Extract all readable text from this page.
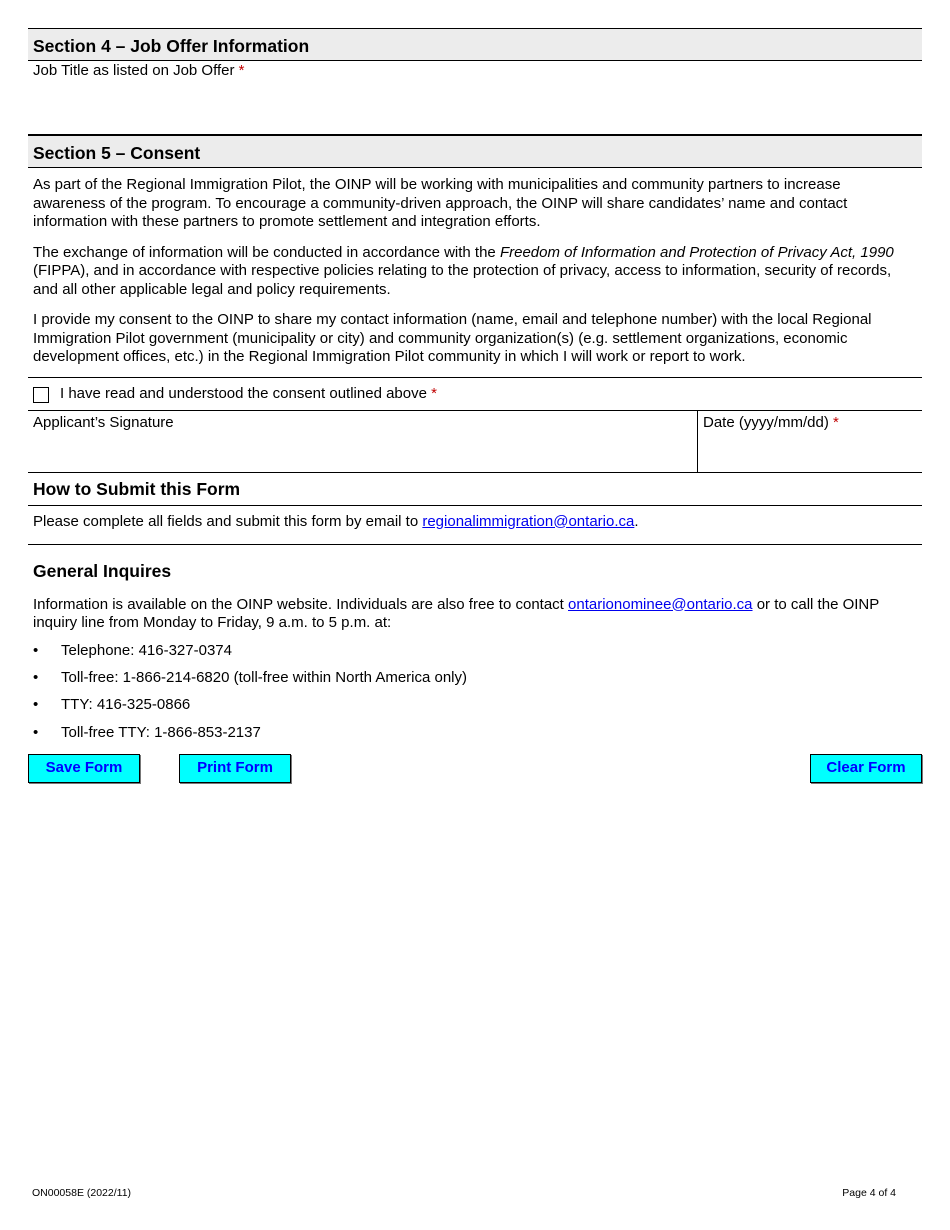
Section 4 – Job Offer Information
Job Title as listed on Job Offer *
Section 5 – Consent

As part of the Regional Immigration Pilot, the OINP will be working with municipalities and community partners to increase awareness of the program. To encourage a community-driven approach, the OINP will share candidates’ name and contact information with these partners to promote settlement and integration efforts.

The exchange of information will be conducted in accordance with the Freedom of Information and Protection of Privacy Act, 1990 (FIPPA), and in accordance with respective policies relating to the protection of privacy, access to information, security of records, and all other applicable legal and policy requirements.

I provide my consent to the OINP to share my contact information (name, email and telephone number) with the local Regional Immigration Pilot government (municipality or city) and community organization(s) (e.g. settlement organizations, economic development offices, etc.) in the Regional Immigration Pilot community in which I will work or report to work.

I have read and understood the consent outlined above
*
Applicant’s Signature	Date (yyyy/mm/dd) *
How to Submit this Form
Please complete all fields and submit this form by email to regionalimmigration@ontario.ca.
General Inquires
Information is available on the OINP website. Individuals are also free to contact ontarionominee@ontario.ca or to call the OINP inquiry line from Monday to Friday, 9 a.m. to 5 p.m. at:
•	Telephone: 416-327-0374
•	Toll-free: 1-866-214-6820 (toll-free within North America only)
•	TTY: 416-325-0866
•	Toll-free TTY: 1-866-853-2137
Save Form	Print Form	Clear Form
ON00058E (2022/11)	Page 4 of 4
